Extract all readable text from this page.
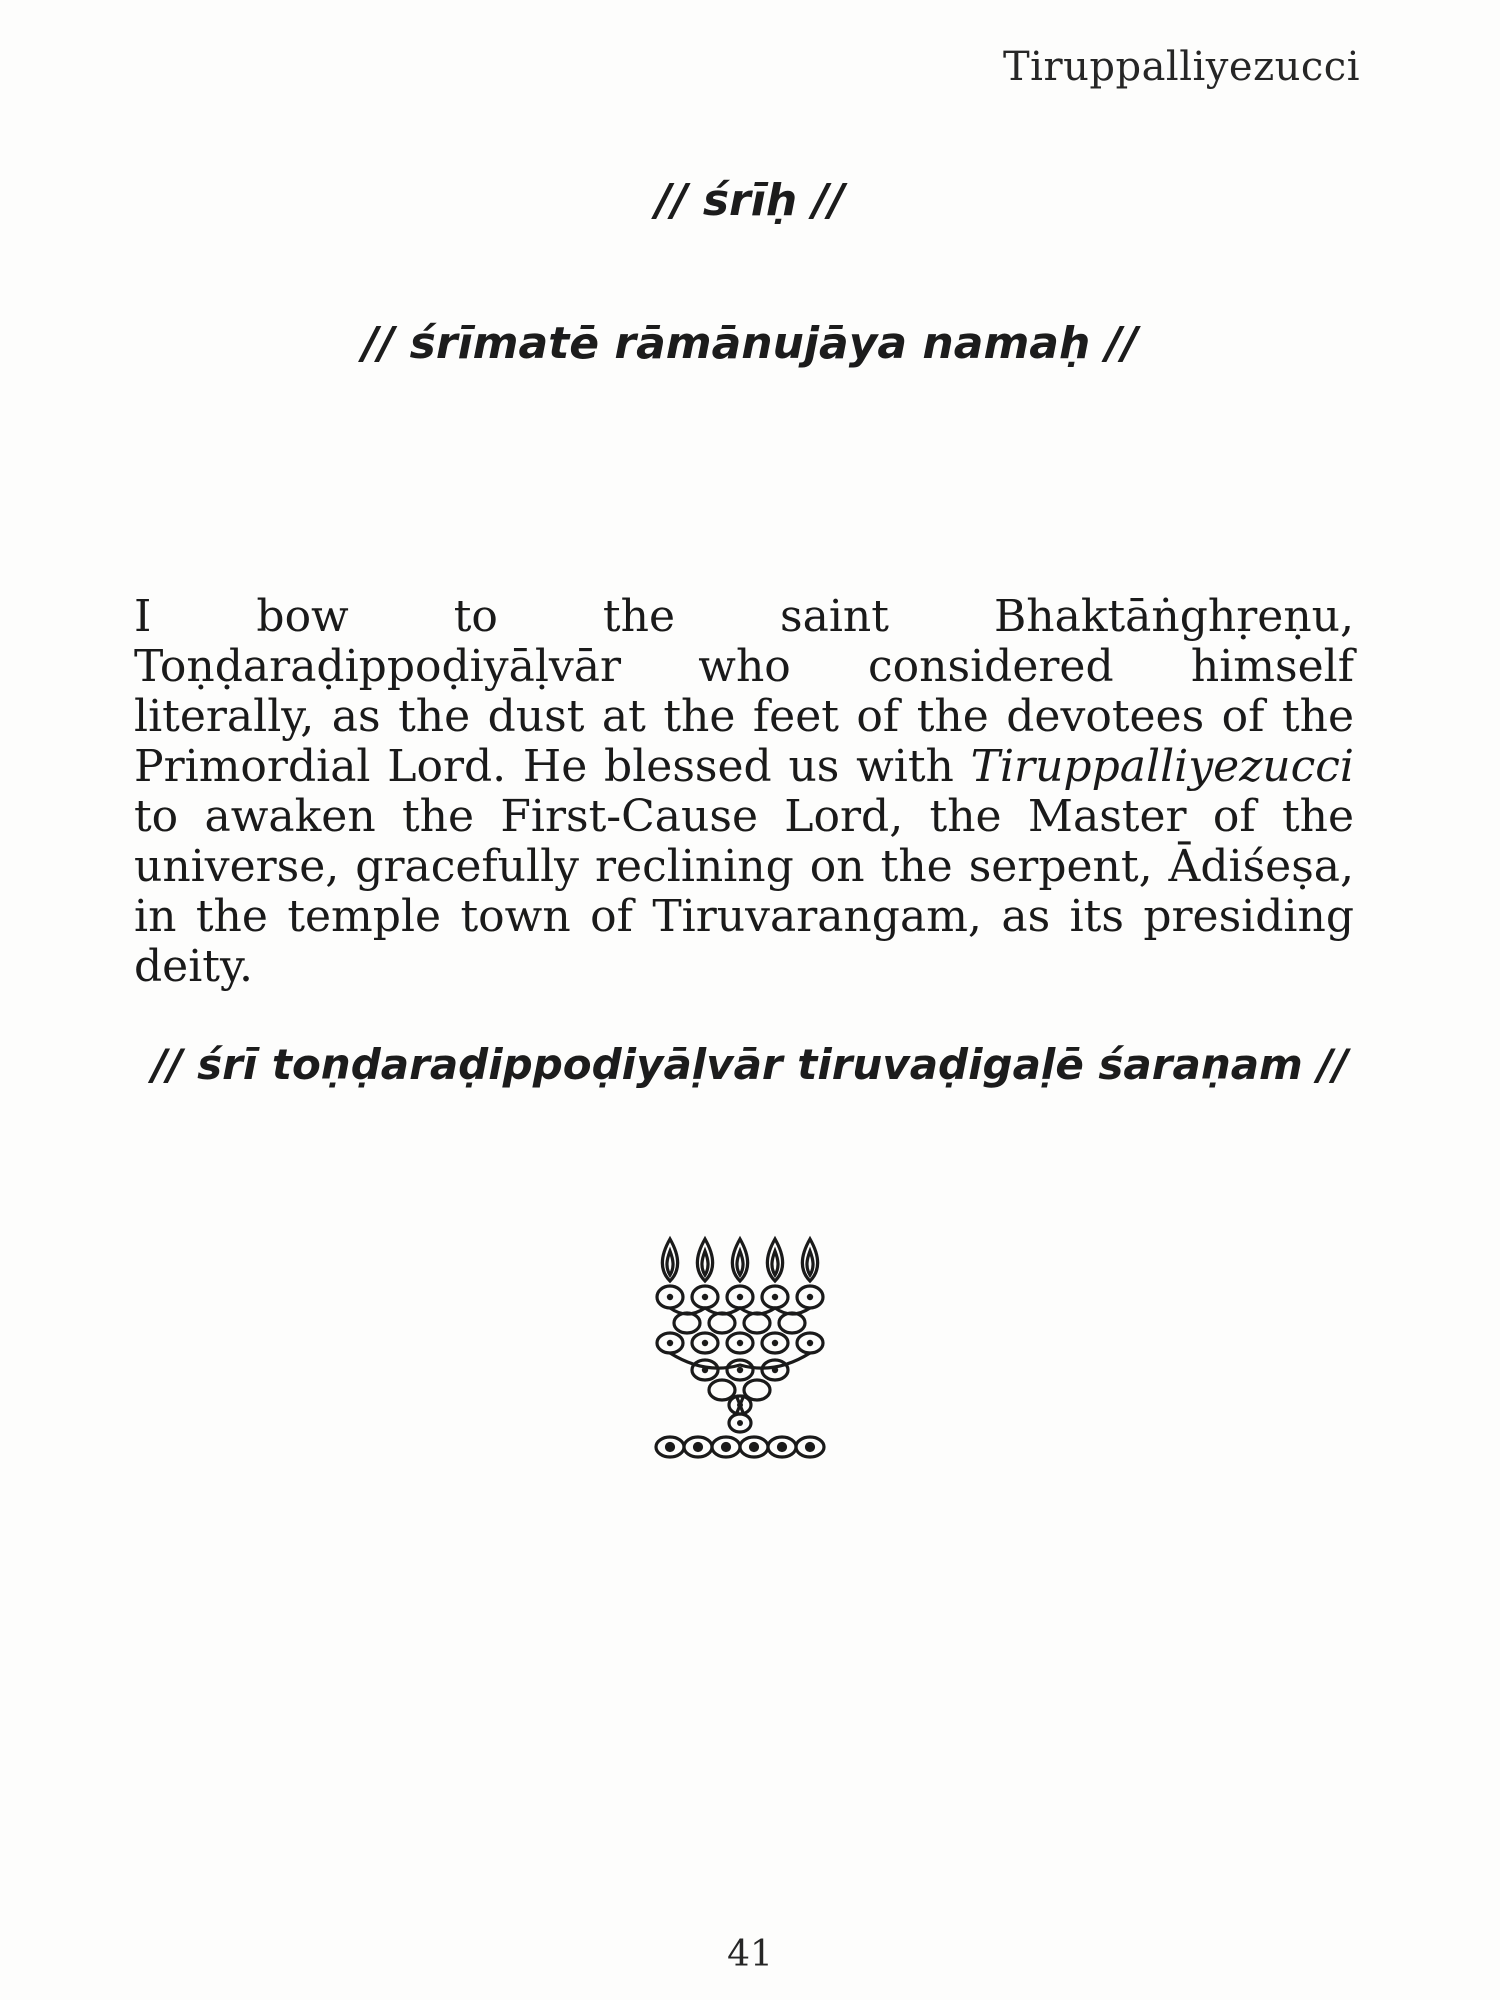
Tiruppalliyezucci
// śrīḥ //
// śrīmatē rāmānujāya namaḥ //

I bow to the saint Bhaktāṅghṛeṇu, Toṇḍaraḍippoḍiyāḷvār who considered himself literally, as the dust at the feet of the devotees of the Primordial Lord. He blessed us with Tiruppalliyezucci to awaken the First-Cause Lord, the Master of the universe, gracefully reclining on the serpent, Ādiśeṣa, in the temple town of Tiruvarangam, as its presiding deity.

// śrī toṇḍaraḍippoḍiyāḷvār tiruvaḍigaḷē śaraṇam //
41
